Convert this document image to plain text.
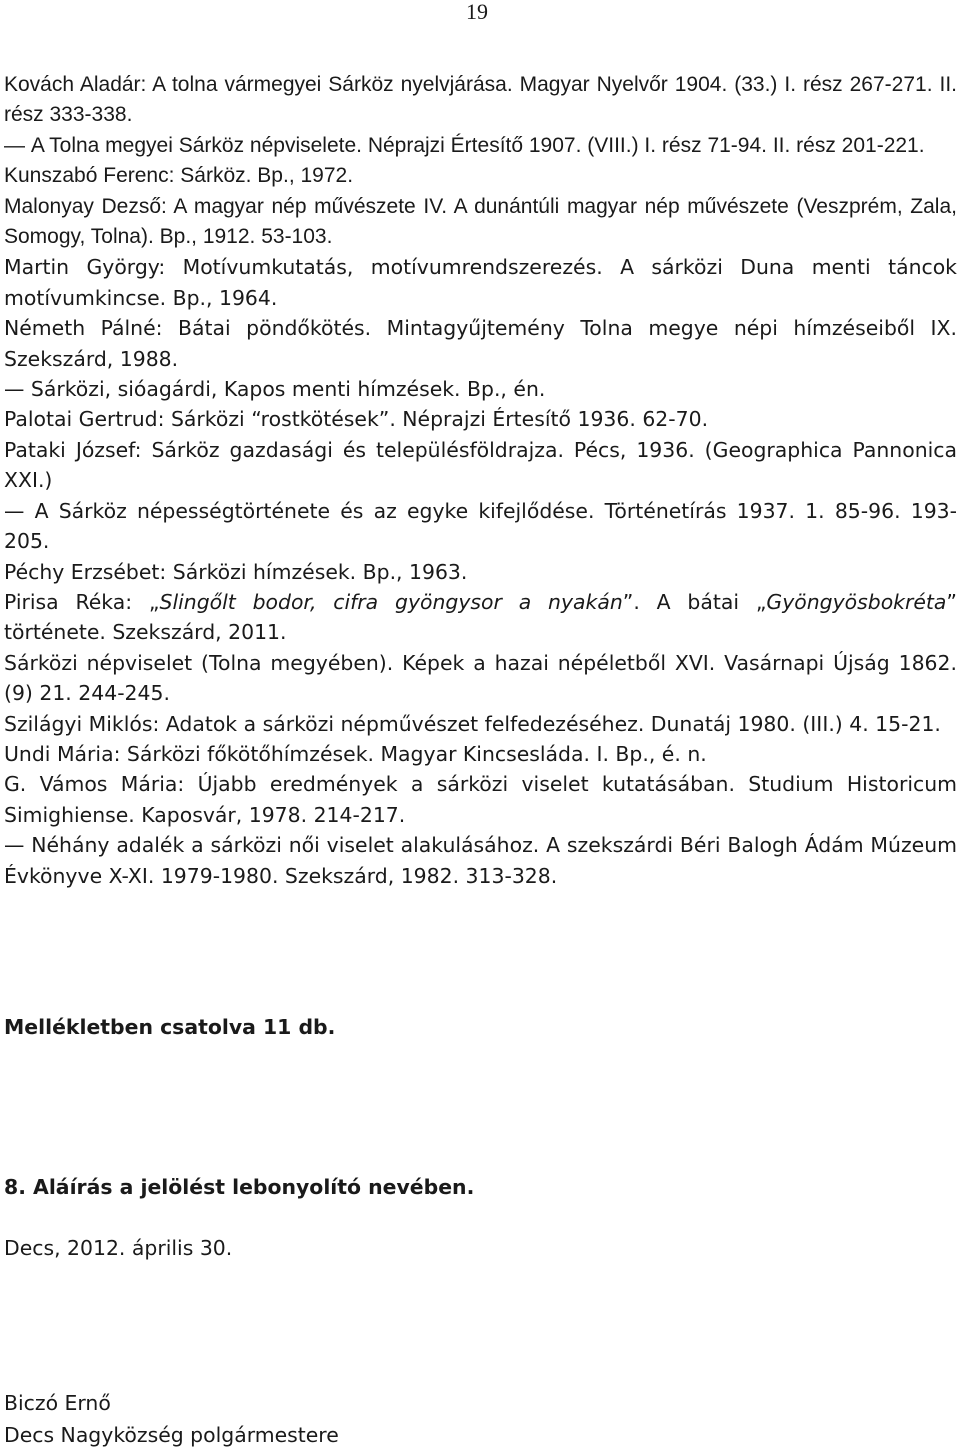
19

Kovách Aladár: A tolna vármegyei Sárköz nyelvjárása. Magyar Nyelvőr 1904. (33.) I. rész 267-271. II. rész 333-338.

— A Tolna megyei Sárköz népviselete. Néprajzi Értesítő 1907. (VIII.) I. rész 71-94. II. rész 201-221.

Kunszabó Ferenc: Sárköz. Bp., 1972.

Malonyay Dezső: A magyar nép művészete IV. A dunántúli magyar nép művészete (Veszprém, Zala, Somogy, Tolna). Bp., 1912. 53-103.

Martin György: Motívumkutatás, motívumrendszerezés. A sárközi Duna menti táncok motívumkincse. Bp., 1964.

Németh Pálné: Bátai pöndőkötés. Mintagyűjtemény Tolna megye népi hímzéseiből IX. Szekszárd, 1988.

— Sárközi, sióagárdi, Kapos menti hímzések. Bp., én.

Palotai Gertrud: Sárközi “rostkötések”. Néprajzi Értesítő 1936. 62-70.

Pataki József: Sárköz gazdasági és településföldrajza. Pécs, 1936. (Geographica Pannonica XXI.)

— A Sárköz népességtörténete és az egyke kifejlődése. Történetírás 1937. 1. 85-96. 193-205.

Péchy Erzsébet: Sárközi hímzések. Bp., 1963.

Pirisa Réka: „Slingőlt bodor, cifra gyöngysor a nyakán”. A bátai „Gyöngyösbokréta” története. Szekszárd, 2011.

Sárközi népviselet (Tolna megyében). Képek a hazai népéletből XVI. Vasárnapi Újság 1862. (9) 21. 244-245.

Szilágyi Miklós: Adatok a sárközi népművészet felfedezéséhez. Dunatáj 1980. (III.) 4. 15-21.

Undi Mária: Sárközi főkötőhímzések. Magyar Kincsesláda. I. Bp., é. n.

G. Vámos Mária: Újabb eredmények a sárközi viselet kutatásában. Studium Historicum Simighiense. Kaposvár, 1978. 214-217.

— Néhány adalék a sárközi női viselet alakulásához. A szekszárdi Béri Balogh Ádám Múzeum Évkönyve X-XI. 1979-1980. Szekszárd, 1982. 313-328.

Mellékletben csatolva 11 db.
8. Aláírás a jelölést lebonyolító nevében.
Decs, 2012. április 30.
Biczó Ernő
Decs Nagyközség polgármestere
